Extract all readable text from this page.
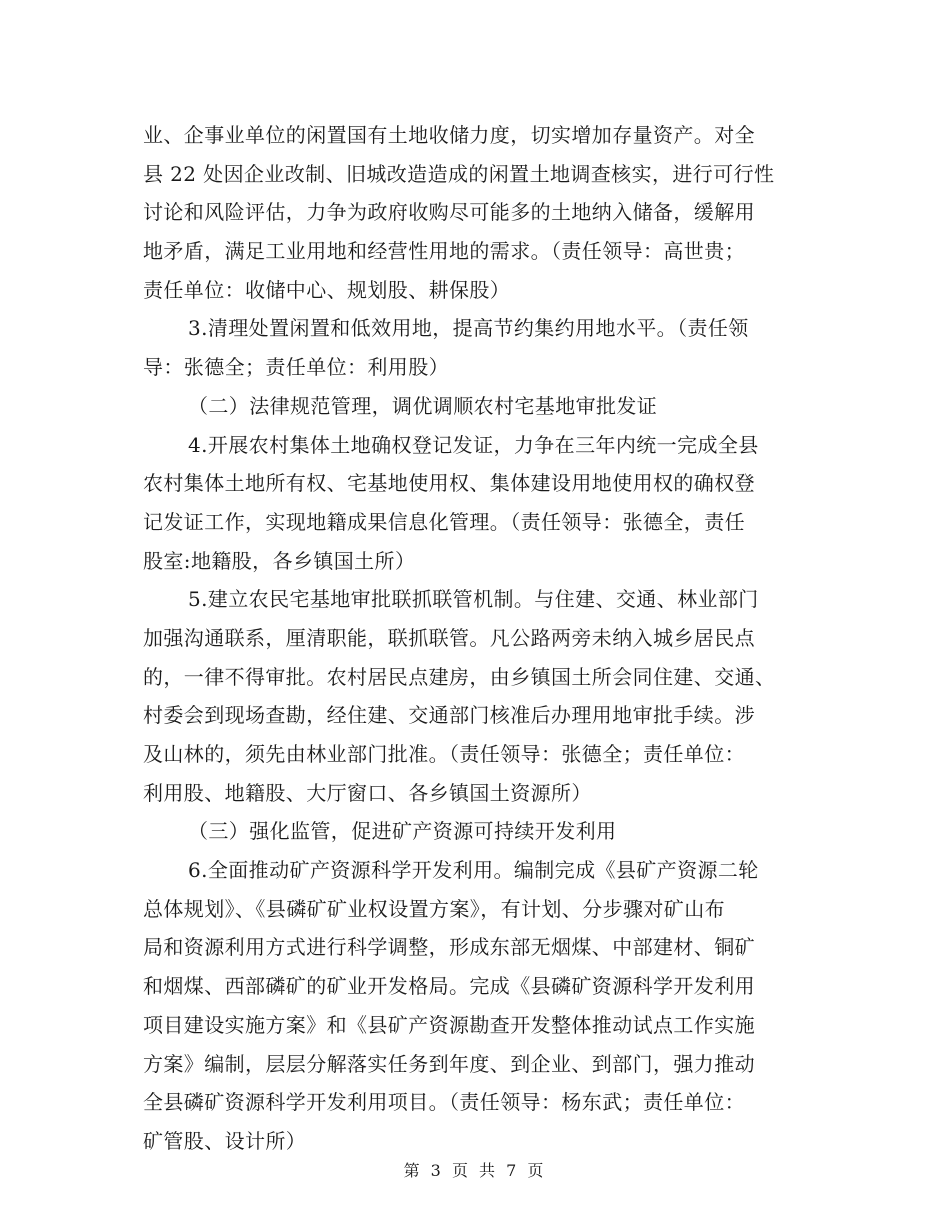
业、企事业单位的闲置国有土地收储力度，切实增加存量资产。对全
县 22 处因企业改制、旧城改造造成的闲置土地调查核实，进行可行性
讨论和风险评估，力争为政府收购尽可能多的土地纳入储备，缓解用
地矛盾，满足工业用地和经营性用地的需求。（责任领导：高世贵；
责任单位：收储中心、规划股、耕保股）
3.清理处置闲置和低效用地，提高节约集约用地水平。（责任领
导：张德全；责任单位：利用股）
（二）法律规范管理，调优调顺农村宅基地审批发证
4.开展农村集体土地确权登记发证，力争在三年内统一完成全县
农村集体土地所有权、宅基地使用权、集体建设用地使用权的确权登
记发证工作，实现地籍成果信息化管理。（责任领导：张德全，责任
股室:地籍股，各乡镇国土所）
5.建立农民宅基地审批联抓联管机制。与住建、交通、林业部门
加强沟通联系，厘清职能，联抓联管。凡公路两旁未纳入城乡居民点
的，一律不得审批。农村居民点建房，由乡镇国土所会同住建、交通、
村委会到现场查勘，经住建、交通部门核准后办理用地审批手续。涉
及山林的，须先由林业部门批准。（责任领导：张德全；责任单位：
利用股、地籍股、大厅窗口、各乡镇国土资源所）
（三）强化监管，促进矿产资源可持续开发利用
6.全面推动矿产资源科学开发利用。编制完成《县矿产资源二轮
总体规划》、《县磷矿矿业权设置方案》，有计划、分步骤对矿山布
局和资源利用方式进行科学调整，形成东部无烟煤、中部建材、铜矿
和烟煤、西部磷矿的矿业开发格局。完成《县磷矿资源科学开发利用
项目建设实施方案》和《县矿产资源勘查开发整体推动试点工作实施
方案》编制，层层分解落实任务到年度、到企业、到部门，强力推动
全县磷矿资源科学开发利用项目。（责任领导：杨东武；责任单位：
矿管股、设计所）
第 3 页 共 7 页
